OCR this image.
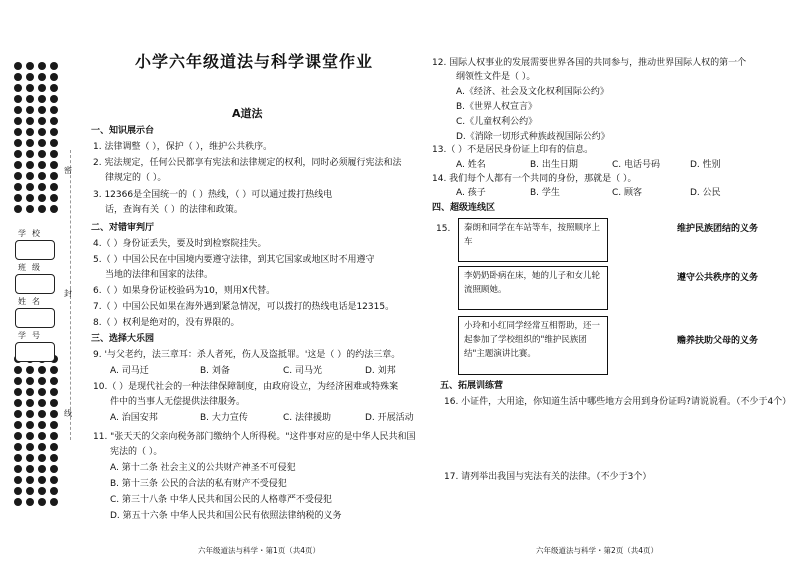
学校
班级
姓名
学号
密
封
线
小学六年级道法与科学课堂作业
A道法
一、知识展示台
1. 法律调整（ ），保护（ ），维护公共秩序。
2. 宪法规定，任何公民都享有宪法和法律规定的权利，同时必须履行宪法和法
律规定的（ ）。
3. 12366是全国统一的（ ）热线，（ ）可以通过拨打热线电
话，查询有关（ ）的法律和政策。
二、对错审判厅
4.（ ）身份证丢失，要及时到检察院挂失。
5.（ ）中国公民在中国境内要遵守法律，到其它国家或地区时不用遵守
当地的法律和国家的法律。
6.（ ）如果身份证校验码为10，则用X代替。
7.（ ）中国公民如果在海外遇到紧急情况，可以拨打的热线电话是12315。
8.（ ）权利是绝对的，没有界限的。
三、选择大乐园
9. '与父老约，法三章耳：杀人者死，伤人及盗抵罪。'这是（ ）的约法三章。
A. 司马迁	B. 刘备	C. 司马光	D. 刘邦
10.（ ）是现代社会的一种法律保障制度，由政府设立，为经济困难或特殊案
件中的当事人无偿提供法律服务。
A. 治国安邦	B. 大力宣传	C. 法律援助	D. 开展活动
11. "张天天的父亲向税务部门缴纳个人所得税。"这件事对应的是中华人民共和国
宪法的（ ）。
A. 第十二条 社会主义的公共财产神圣不可侵犯
B. 第十三条 公民的合法的私有财产不受侵犯
C. 第三十八条 中华人民共和国公民的人格尊严不受侵犯
D. 第五十六条 中华人民共和国公民有依照法律纳税的义务
六年级道法与科学・第1页（共4页）
12. 国际人权事业的发展需要世界各国的共同参与，推动世界国际人权的第一个
纲领性文件是（ ）。
A.《经济、社会及文化权利国际公约》
B.《世界人权宣言》
C.《儿童权利公约》
D.《消除一切形式种族歧视国际公约》
13.（ ）不是居民身份证上印有的信息。
A. 姓名	B. 出生日期	C. 电话号码	D. 性别
14. 我们每个人都有一个共同的身份，那就是（ ）。
A. 孩子	B. 学生	C. 顾客	D. 公民
四、超级连线区
15.	秦朗和同学在车站等车，按照顺序上车
李奶奶卧病在床，她的儿子和女儿轮流照顾她。
小玲和小红同学经常互相帮助，还一起参加了学校组织的"维护民族团结"主题演讲比赛。
维护民族团结的义务
遵守公共秩序的义务
赡养扶助父母的义务
五、拓展训练营
16. 小证件，大用途，你知道生活中哪些地方会用到身份证吗?请说说看。（不少于4个）
17. 请列举出我国与宪法有关的法律。（不少于3个）
六年级道法与科学・第2页（共4页）
